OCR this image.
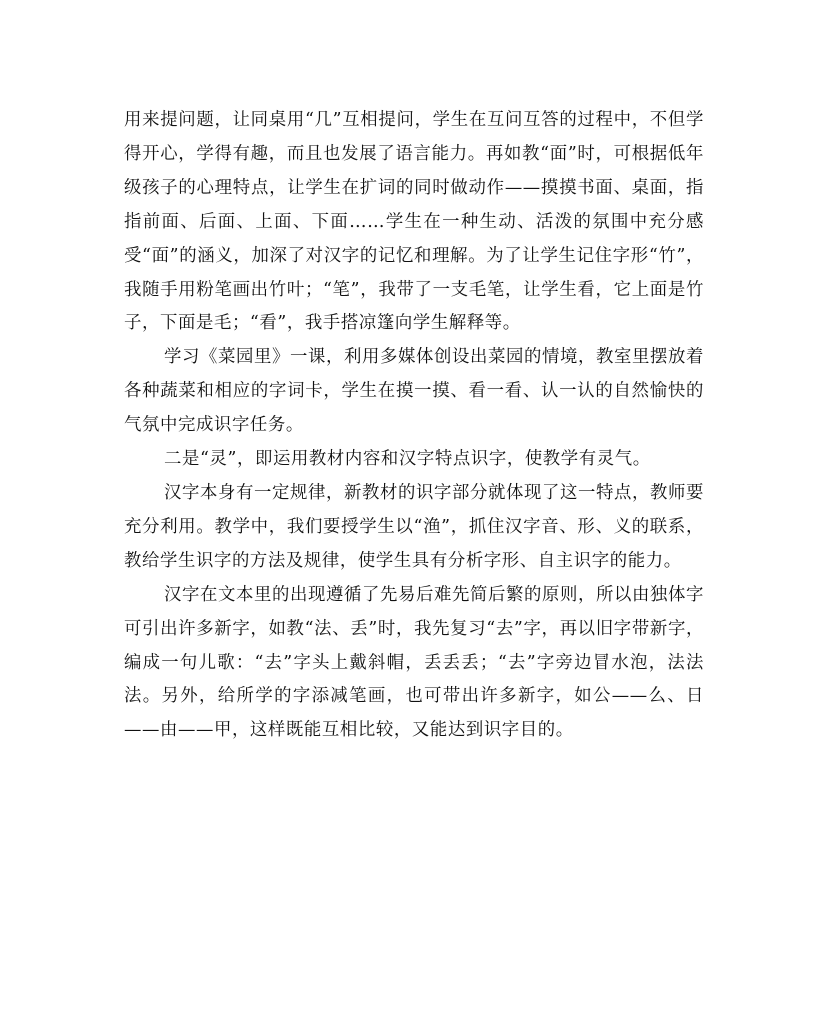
用来提问题，让同桌用“几”互相提问，学生在互问互答的过程中，不但学得开心，学得有趣，而且也发展了语言能力。再如教“面”时，可根据低年级孩子的心理特点，让学生在扩词的同时做动作——摸摸书面、桌面，指指前面、后面、上面、下面……学生在一种生动、活泼的氛围中充分感受“面”的涵义，加深了对汉字的记忆和理解。为了让学生记住字形“竹”，我随手用粉笔画出竹叶；“笔”，我带了一支毛笔，让学生看，它上面是竹子，下面是毛；“看”，我手搭凉篷向学生解释等。

学习《菜园里》一课，利用多媒体创设出菜园的情境，教室里摆放着各种蔬菜和相应的字词卡，学生在摸一摸、看一看、认一认的自然愉快的气氛中完成识字任务。

二是“灵”，即运用教材内容和汉字特点识字，使教学有灵气。

汉字本身有一定规律，新教材的识字部分就体现了这一特点，教师要充分利用。教学中，我们要授学生以“渔”，抓住汉字音、形、义的联系，教给学生识字的方法及规律，使学生具有分析字形、自主识字的能力。

汉字在文本里的出现遵循了先易后难先简后繁的原则，所以由独体字可引出许多新字，如教“法、丢”时，我先复习“去”字，再以旧字带新字，编成一句儿歌：“去”字头上戴斜帽，丢丢丢；“去”字旁边冒水泡，法法法。另外，给所学的字添减笔画，也可带出许多新字，如公——么、日——由——甲，这样既能互相比较，又能达到识字目的。
